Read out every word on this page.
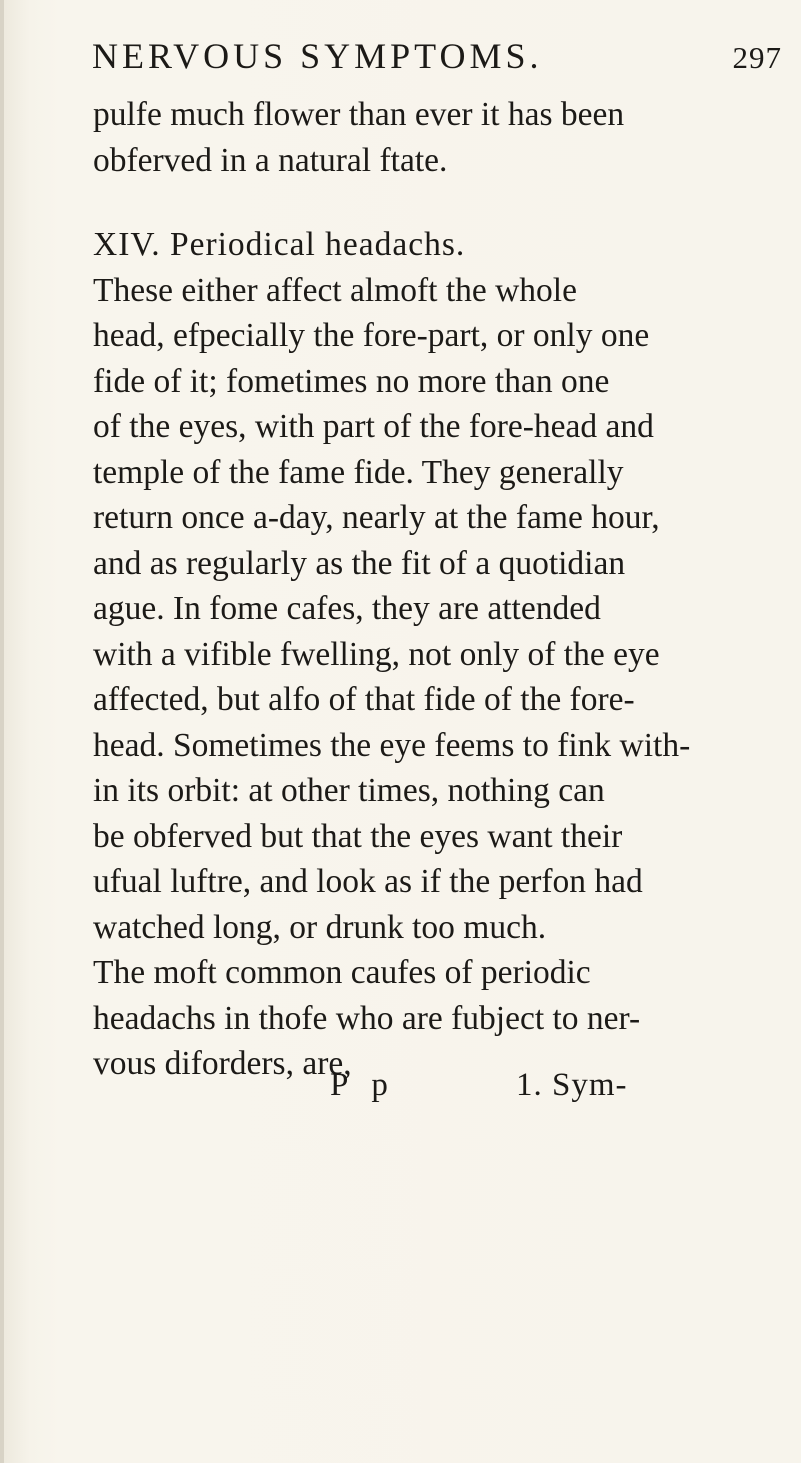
NERVOUS SYMPTOMS.	297
pulfe much flower than ever it has been
obferved in a natural ftate.
XIV. Periodical headachs.
These either affect almoft the whole
head, efpecially the fore-part, or only one
fide of it; fometimes no more than one
of the eyes, with part of the fore-head and
temple of the fame fide. They generally
return once a-day, nearly at the fame hour,
and as regularly as the fit of a quotidian
ague. In fome cafes, they are attended
with a vifible fwelling, not only of the eye
affected, but alfo of that fide of the fore-
head. Sometimes the eye feems to fink with-
in its orbit: at other times, nothing can
be obferved but that the eyes want their
ufual luftre, and look as if the perfon had
watched long, or drunk too much.
The moft common caufes of periodic
headachs in thofe who are fubject to ner-
vous diforders, are,
P p	1. Sym-
